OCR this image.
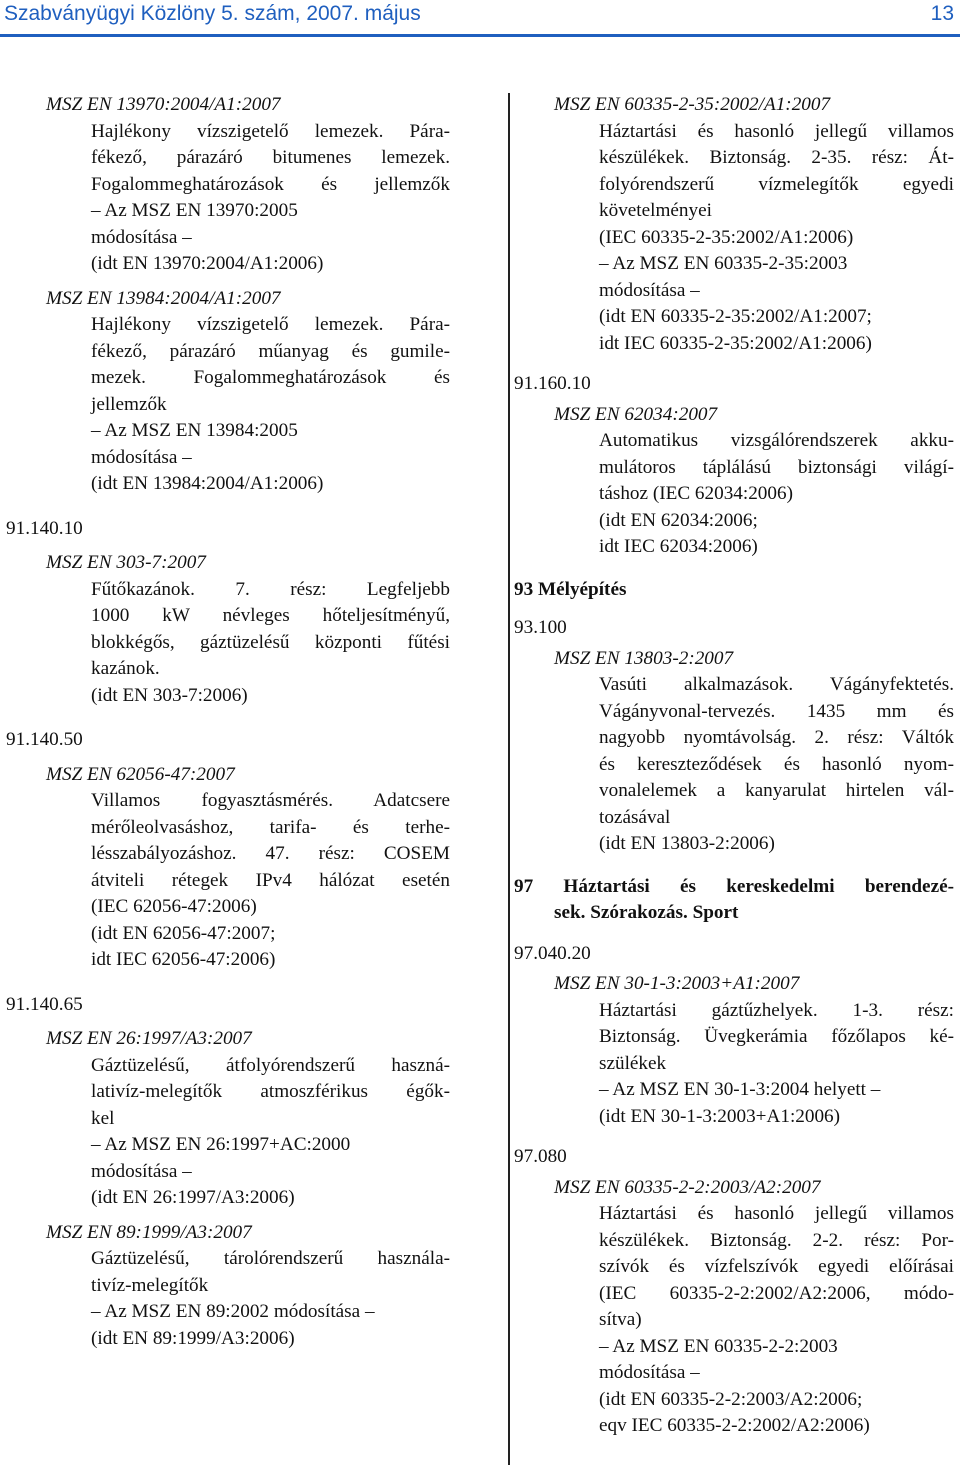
Szabványügyi Közlöny 5. szám, 2007. május	13
MSZ EN 13970:2004/A1:2007
Hajlékony vízszigetelő lemezek. Pára-
fékező, párazáró bitumenes lemezek.
Fogalommeghatározások és jellemzők
– Az MSZ EN 13970:2005
módosítása –
(idt EN 13970:2004/A1:2006)
MSZ EN 13984:2004/A1:2007
Hajlékony vízszigetelő lemezek. Pára-
fékező, párazáró műanyag és gumile-
mezek. Fogalommeghatározások és
jellemzők
– Az MSZ EN 13984:2005
módosítása –
(idt EN 13984:2004/A1:2006)
91.140.10
MSZ EN 303-7:2007
Fűtőkazánok. 7. rész: Legfeljebb
1000 kW névleges hőteljesítményű,
blokkégős, gáztüzelésű központi fűtési
kazánok.
(idt EN 303-7:2006)
91.140.50
MSZ EN 62056-47:2007
Villamos fogyasztásmérés. Adatcsere
mérőleolvasáshoz, tarifa- és terhe-
lésszabályozáshoz. 47. rész: COSEM
átviteli rétegek IPv4 hálózat esetén
(IEC 62056-47:2006)
(idt EN 62056-47:2007;
idt IEC 62056-47:2006)
91.140.65
MSZ EN 26:1997/A3:2007
Gáztüzelésű, átfolyórendszerű haszná-
lativíz-melegítők atmoszférikus égők-
kel
– Az MSZ EN 26:1997+AC:2000
módosítása –
(idt EN 26:1997/A3:2006)
MSZ EN 89:1999/A3:2007
Gáztüzelésű, tárolórendszerű használa-
tivíz-melegítők
– Az MSZ EN 89:2002 módosítása –
(idt EN 89:1999/A3:2006)
MSZ EN 60335-2-35:2002/A1:2007
Háztartási és hasonló jellegű villamos
készülékek. Biztonság. 2-35. rész: Át-
folyórendszerű vízmelegítők egyedi
követelményei
(IEC 60335-2-35:2002/A1:2006)
– Az MSZ EN 60335-2-35:2003
módosítása –
(idt EN 60335-2-35:2002/A1:2007;
idt IEC 60335-2-35:2002/A1:2006)
91.160.10
MSZ EN 62034:2007
Automatikus vizsgálórendszerek akku-
mulátoros táplálású biztonsági világí-
táshoz (IEC 62034:2006)
(idt EN 62034:2006;
idt IEC 62034:2006)
93 Mélyépítés
93.100
MSZ EN 13803-2:2007
Vasúti alkalmazások. Vágányfektetés.
Vágányvonal-tervezés. 1435 mm és
nagyobb nyomtávolság. 2. rész: Váltók
és kereszteződések és hasonló nyom-
vonalelemek a kanyarulat hirtelen vál-
tozásával
(idt EN 13803-2:2006)
97 Háztartási és kereskedelmi berendezé-
sek. Szórakozás. Sport
97.040.20
MSZ EN 30-1-3:2003+A1:2007
Háztartási gáztűzhelyek. 1-3. rész:
Biztonság. Üvegkerámia főzőlapos ké-
szülékek
– Az MSZ EN 30-1-3:2004 helyett –
(idt EN 30-1-3:2003+A1:2006)
97.080
MSZ EN 60335-2-2:2003/A2:2007
Háztartási és hasonló jellegű villamos
készülékek. Biztonság. 2-2. rész: Por-
szívók és vízfelszívók egyedi előírásai
(IEC 60335-2-2:2002/A2:2006, módo-
sítva)
– Az MSZ EN 60335-2-2:2003
módosítása –
(idt EN 60335-2-2:2003/A2:2006;
eqv IEC 60335-2-2:2002/A2:2006)
